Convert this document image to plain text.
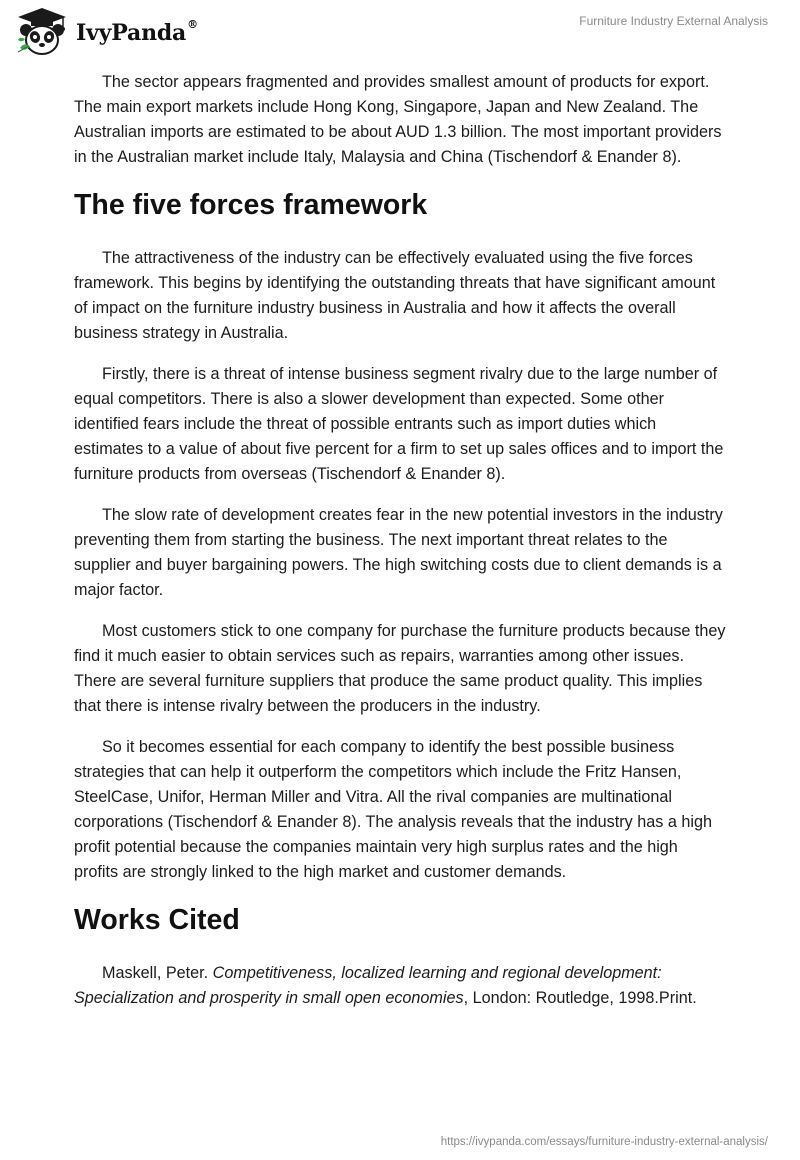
IvyPanda®	Furniture Industry External Analysis

The sector appears fragmented and provides smallest amount of products for export. The main export markets include Hong Kong, Singapore, Japan and New Zealand. The Australian imports are estimated to be about AUD 1.3 billion. The most important providers in the Australian market include Italy, Malaysia and China (Tischendorf & Enander 8).

The five forces framework

The attractiveness of the industry can be effectively evaluated using the five forces framework. This begins by identifying the outstanding threats that have significant amount of impact on the furniture industry business in Australia and how it affects the overall business strategy in Australia.

Firstly, there is a threat of intense business segment rivalry due to the large number of equal competitors. There is also a slower development than expected. Some other identified fears include the threat of possible entrants such as import duties which estimates to a value of about five percent for a firm to set up sales offices and to import the furniture products from overseas (Tischendorf & Enander 8).

The slow rate of development creates fear in the new potential investors in the industry preventing them from starting the business. The next important threat relates to the supplier and buyer bargaining powers. The high switching costs due to client demands is a major factor.

Most customers stick to one company for purchase the furniture products because they find it much easier to obtain services such as repairs, warranties among other issues. There are several furniture suppliers that produce the same product quality. This implies that there is intense rivalry between the producers in the industry.

So it becomes essential for each company to identify the best possible business strategies that can help it outperform the competitors which include the Fritz Hansen, SteelCase, Unifor, Herman Miller and Vitra. All the rival companies are multinational corporations (Tischendorf & Enander 8). The analysis reveals that the industry has a high profit potential because the companies maintain very high surplus rates and the high profits are strongly linked to the high market and customer demands.

Works Cited

Maskell, Peter. Competitiveness, localized learning and regional development: Specialization and prosperity in small open economies, London: Routledge, 1998.Print.

https://ivypanda.com/essays/furniture-industry-external-analysis/
